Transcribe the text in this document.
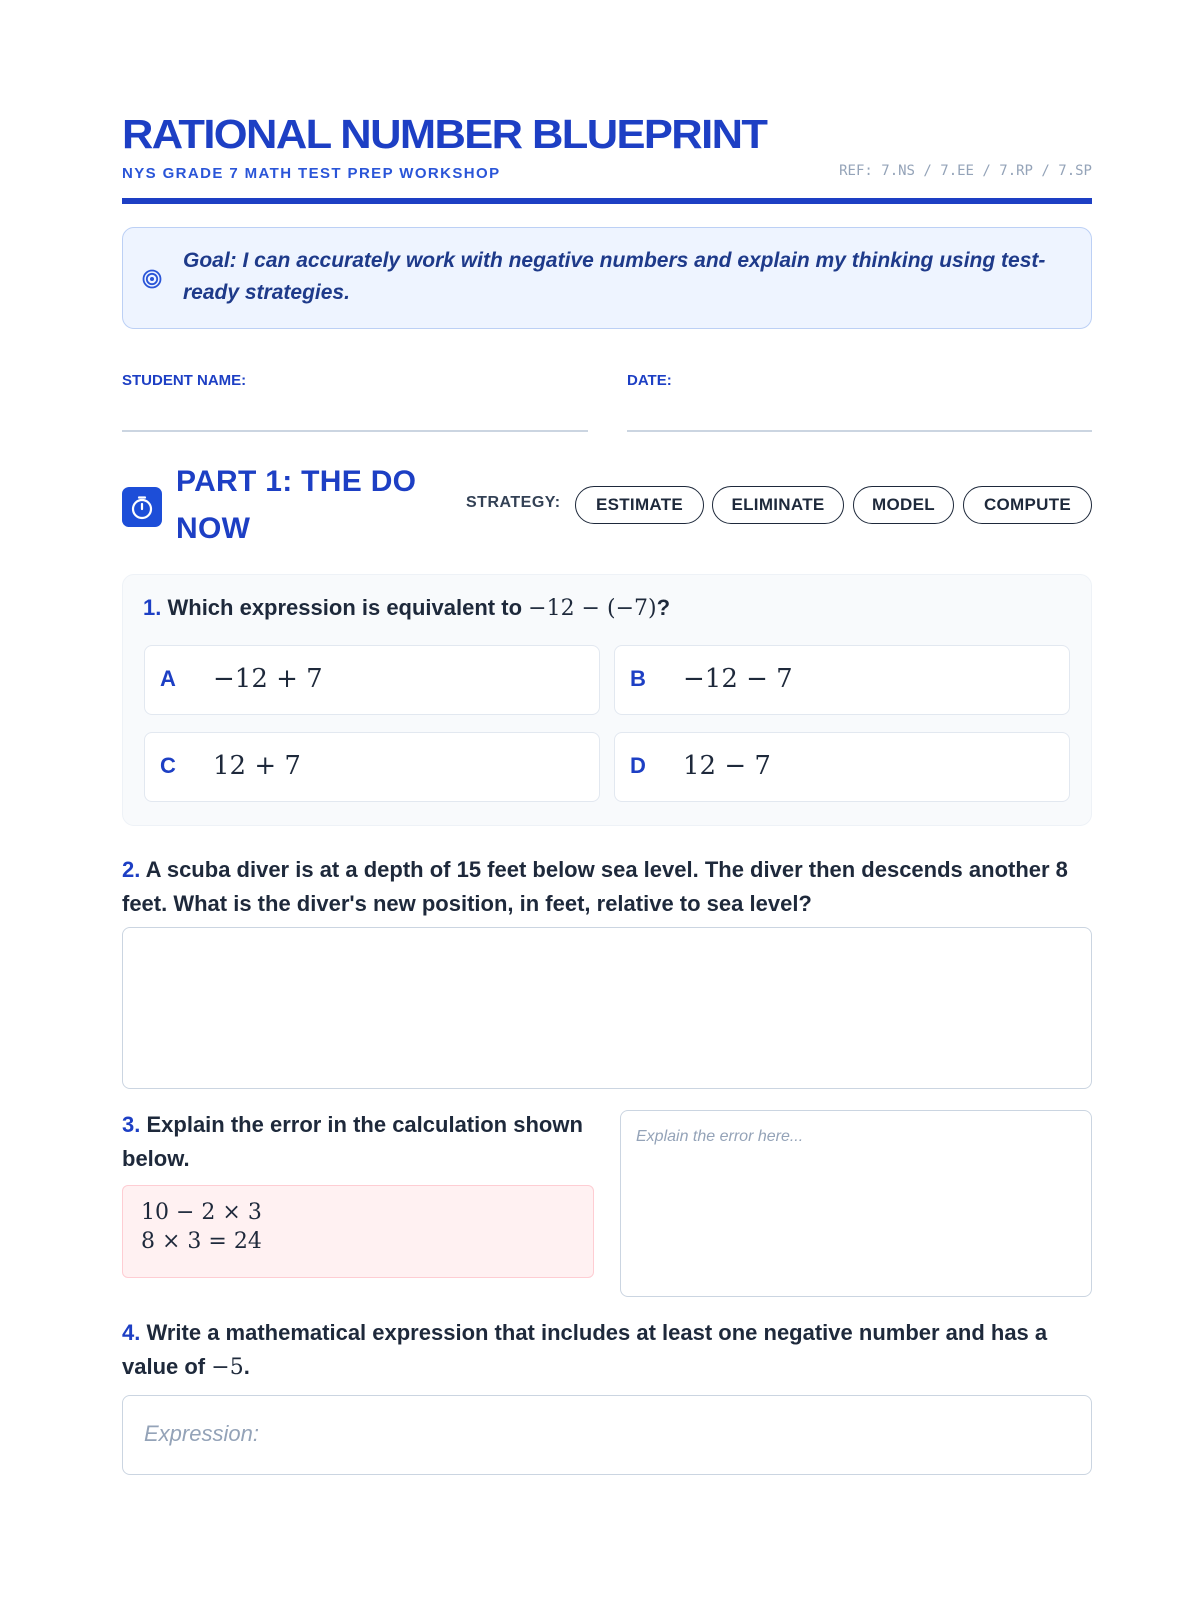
RATIONAL NUMBER BLUEPRINT
NYS GRADE 7 MATH TEST PREP WORKSHOP	REF: 7.NS / 7.EE / 7.RP / 7.SP
Goal: I can accurately work with negative numbers and explain my thinking using test-ready strategies.
STUDENT NAME:	DATE:
PART 1: THE DO NOW
STRATEGY:	ESTIMATE	ELIMINATE	MODEL	COMPUTE
1. Which expression is equivalent to −12 − (−7)?
A −12 + 7	B −12 − 7
C 12 + 7	D 12 − 7
2. A scuba diver is at a depth of 15 feet below sea level. The diver then descends another 8 feet. What is the diver's new position, in feet, relative to sea level?
3. Explain the error in the calculation shown below.
10 − 2 × 3
8 × 3 = 24
Explain the error here...
4. Write a mathematical expression that includes at least one negative number and has a value of −5.
Expression:
